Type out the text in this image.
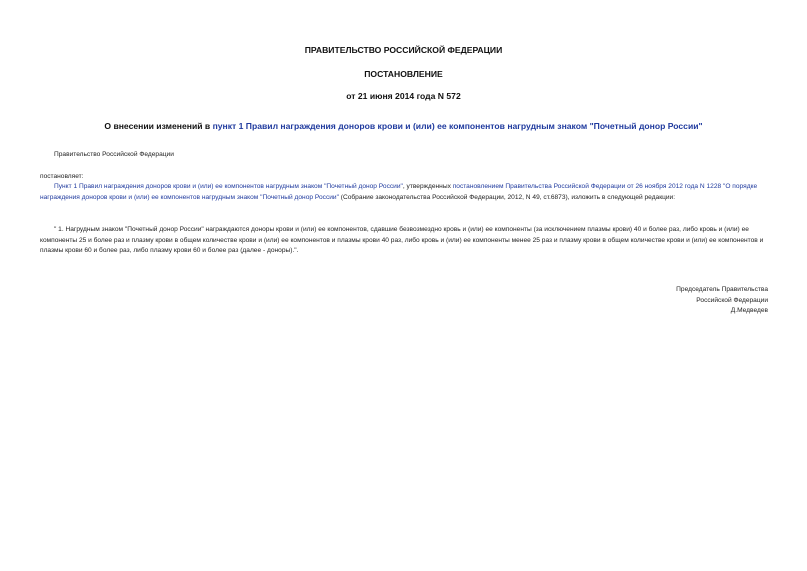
ПРАВИТЕЛЬСТВО РОССИЙСКОЙ ФЕДЕРАЦИИ
ПОСТАНОВЛЕНИЕ
от 21 июня 2014 года N 572
О внесении изменений в пункт 1 Правил награждения доноров крови и (или) ее компонентов нагрудным знаком "Почетный донор России"
Правительство Российской Федерации
постановляет:
Пункт 1 Правил награждения доноров крови и (или) ее компонентов нагрудным знаком "Почетный донор России", утвержденных постановлением Правительства Российской Федерации от 26 ноября 2012 года N 1228 "О порядке награждения доноров крови и (или) ее компонентов нагрудным знаком "Почетный донор России" (Собрание законодательства Российской Федерации, 2012, N 49, ст.6873), изложить в следующей редакции:
" 1. Нагрудным знаком "Почетный донор России" награждаются доноры крови и (или) ее компонентов, сдавшие безвозмездно кровь и (или) ее компоненты (за исключением плазмы крови) 40 и более раз, либо кровь и (или) ее компоненты 25 и более раз и плазму крови в общем количестве крови и (или) ее компонентов и плазмы крови 40 раз, либо кровь и (или) ее компоненты менее 25 раз и плазму крови в общем количестве крови и (или) ее компонентов и плазмы крови 60 и более раз, либо плазму крови 60 и более раз (далее - доноры).".
Председатель Правительства
Российской Федерации
Д.Медведев
